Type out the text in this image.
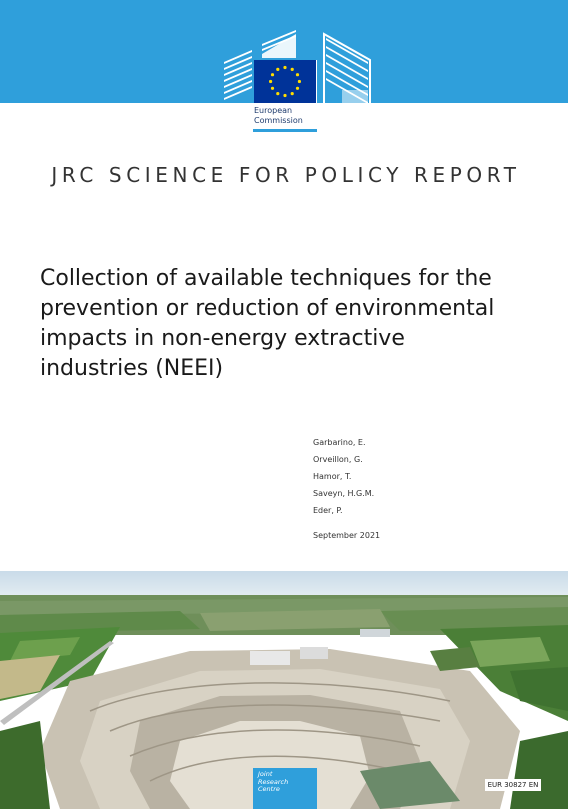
European
Commission
JRC SCIENCE FOR POLICY REPORT
Collection of available techniques for the
prevention or reduction of environmental
impacts in non-energy extractive
industries (NEEI)
Garbarino, E.
Orveillon, G.
Hamor, T.
Saveyn, H.G.M.
Eder, P.
September 2021
Joint
Research
Centre	EUR 30827 EN
